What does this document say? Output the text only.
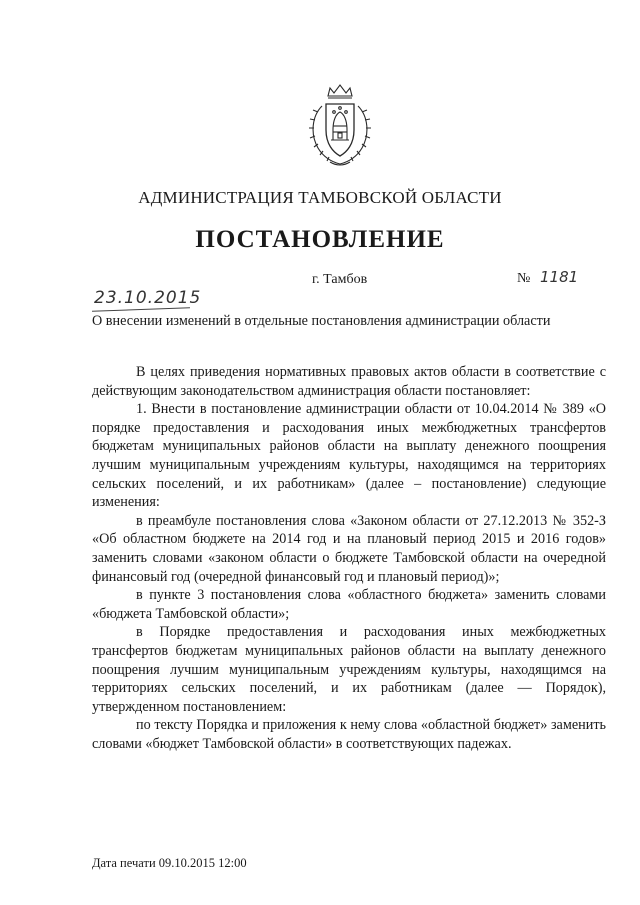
АДМИНИСТРАЦИЯ ТАМБОВСКОЙ ОБЛАСТИ
ПОСТАНОВЛЕНИЕ
г. Тамбов	№ 1181
23.10.2015
О внесении изменений в отдельные постановления администрации области

В целях приведения нормативных правовых актов области в соответствие с действующим законодательством администрация области постановляет:

1. Внести в постановление администрации области от 10.04.2014 № 389 «О порядке предоставления и расходования иных межбюджетных трансфертов бюджетам муниципальных районов области на выплату денежного поощрения лучшим муниципальным учреждениям культуры, находящимся на территориях сельских поселений, и их работникам» (далее – постановление) следующие изменения:

в преамбуле постановления слова «Законом области от 27.12.2013 № 352-З «Об областном бюджете на 2014 год и на плановый период 2015 и 2016 годов» заменить словами «законом области о бюджете Тамбовской области на очередной финансовый год (очередной финансовый год и плановый период)»;

в пункте 3 постановления слова «областного бюджета» заменить словами «бюджета Тамбовской области»;

в Порядке предоставления и расходования иных межбюджетных трансфертов бюджетам муниципальных районов области на выплату денежного поощрения лучшим муниципальным учреждениям культуры, находящимся на территориях сельских поселений, и их работникам (далее — Порядок), утвержденном постановлением:

по тексту Порядка и приложения к нему слова «областной бюджет» заменить словами «бюджет Тамбовской области» в соответствующих падежах.

Дата печати 09.10.2015 12:00
